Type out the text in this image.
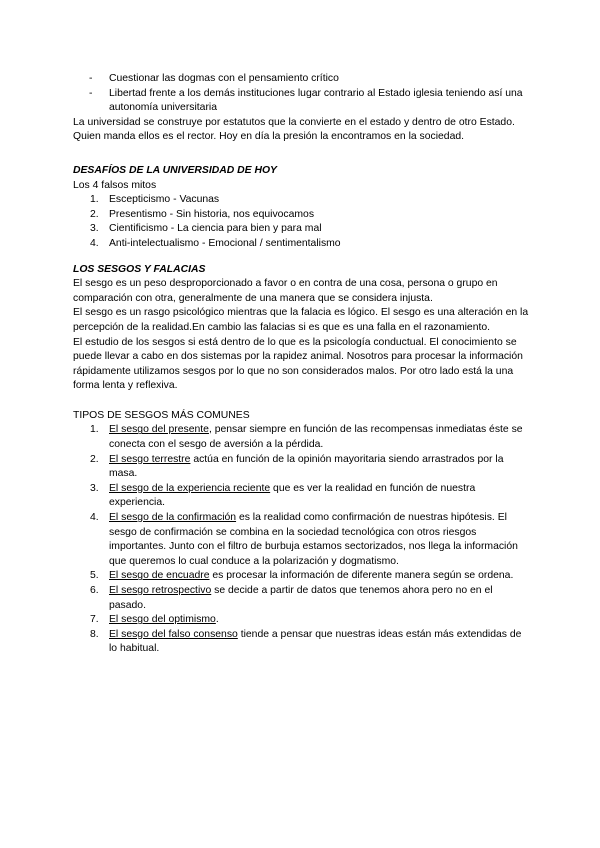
- Cuestionar las dogmas con el pensamiento crítico
- Libertad frente a los demás instituciones lugar contrario al Estado iglesia teniendo así una autonomía universitaria

La universidad se construye por estatutos que la convierte en el estado y dentro de otro Estado. Quien manda ellos es el rector. Hoy en día la presión la encontramos en la sociedad.

DESAFÍOS DE LA UNIVERSIDAD DE HOY

Los 4 falsos mitos

1. Escepticismo - Vacunas
2. Presentismo - Sin historia, nos equivocamos
3. Cientificismo - La ciencia para bien y para mal
4. Anti-intelectualismo - Emocional / sentimentalismo

LOS SESGOS Y FALACIAS

El sesgo es un peso desproporcionado a favor o en contra de una cosa, persona o grupo en comparación con otra, generalmente de una manera que se considera injusta.

El sesgo es un rasgo psicológico mientras que la falacia es lógico. El sesgo es una alteración en la percepción de la realidad.En cambio las falacias si es que es una falla en el razonamiento.

El estudio de los sesgos si está dentro de lo que es la psicología conductual. El conocimiento se puede llevar a cabo en dos sistemas por la rapidez animal. Nosotros para procesar la información rápidamente utilizamos sesgos por lo que no son considerados malos. Por otro lado está la una forma lenta y reflexiva.

TIPOS DE SESGOS MÁS COMUNES

1. El sesgo del presente, pensar siempre en función de las recompensas inmediatas éste se conecta con el sesgo de aversión a la pérdida.
2. El sesgo terrestre actúa en función de la opinión mayoritaria siendo arrastrados por la masa.
3. El sesgo de la experiencia reciente que es ver la realidad en función de nuestra experiencia.
4. El sesgo de la confirmación es la realidad como confirmación de nuestras hipótesis. El sesgo de confirmación se combina en la sociedad tecnológica con otros riesgos importantes. Junto con el filtro de burbuja estamos sectorizados, nos llega la información que queremos lo cual conduce a la polarización y dogmatismo.
5. El sesgo de encuadre es procesar la información de diferente manera según se ordena.
6. El sesgo retrospectivo se decide a partir de datos que tenemos ahora pero no en el pasado.
7. El sesgo del optimismo.
8. El sesgo del falso consenso tiende a pensar que nuestras ideas están más extendidas de lo habitual.
